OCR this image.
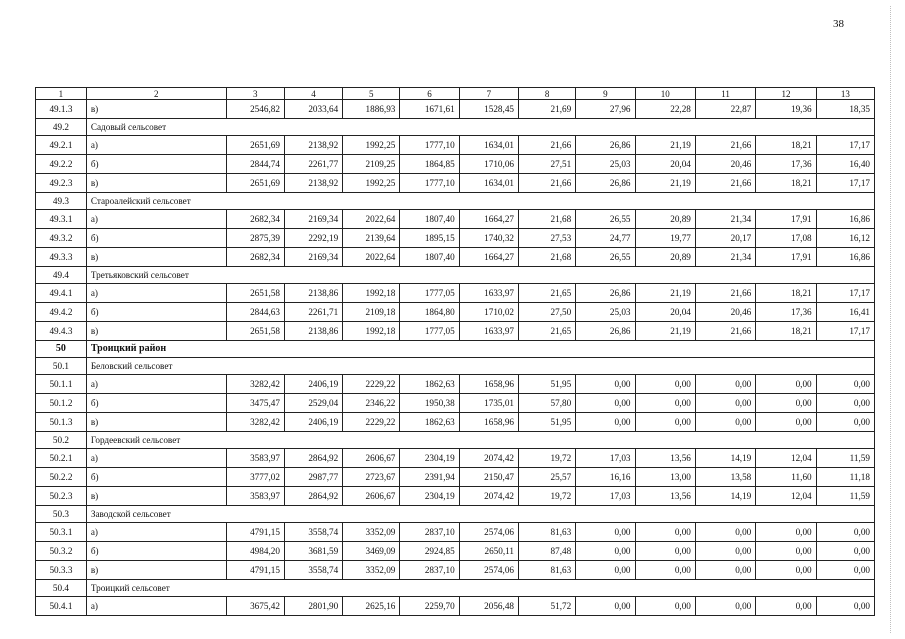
38
1	2	3	4	5	6	7	8	9	10	11	12	13
49.1.3	в)	2546,82	2033,64	1886,93	1671,61	1528,45	21,69	27,96	22,28	22,87	19,36	18,35
49.2	Садовый сельсовет											
49.2.1	а)	2651,69	2138,92	1992,25	1777,10	1634,01	21,66	26,86	21,19	21,66	18,21	17,17
49.2.2	б)	2844,74	2261,77	2109,25	1864,85	1710,06	27,51	25,03	20,04	20,46	17,36	16,40
49.2.3	в)	2651,69	2138,92	1992,25	1777,10	1634,01	21,66	26,86	21,19	21,66	18,21	17,17
49.3	Староалейский сельсовет											
49.3.1	а)	2682,34	2169,34	2022,64	1807,40	1664,27	21,68	26,55	20,89	21,34	17,91	16,86
49.3.2	б)	2875,39	2292,19	2139,64	1895,15	1740,32	27,53	24,77	19,77	20,17	17,08	16,12
49.3.3	в)	2682,34	2169,34	2022,64	1807,40	1664,27	21,68	26,55	20,89	21,34	17,91	16,86
49.4	Третьяковский сельсовет											
49.4.1	а)	2651,58	2138,86	1992,18	1777,05	1633,97	21,65	26,86	21,19	21,66	18,21	17,17
49.4.2	б)	2844,63	2261,71	2109,18	1864,80	1710,02	27,50	25,03	20,04	20,46	17,36	16,41
49.4.3	в)	2651,58	2138,86	1992,18	1777,05	1633,97	21,65	26,86	21,19	21,66	18,21	17,17
50	Троицкий район											
50.1	Беловский сельсовет											
50.1.1	а)	3282,42	2406,19	2229,22	1862,63	1658,96	51,95	0,00	0,00	0,00	0,00	0,00
50.1.2	б)	3475,47	2529,04	2346,22	1950,38	1735,01	57,80	0,00	0,00	0,00	0,00	0,00
50.1.3	в)	3282,42	2406,19	2229,22	1862,63	1658,96	51,95	0,00	0,00	0,00	0,00	0,00
50.2	Гордеевский сельсовет											
50.2.1	а)	3583,97	2864,92	2606,67	2304,19	2074,42	19,72	17,03	13,56	14,19	12,04	11,59
50.2.2	б)	3777,02	2987,77	2723,67	2391,94	2150,47	25,57	16,16	13,00	13,58	11,60	11,18
50.2.3	в)	3583,97	2864,92	2606,67	2304,19	2074,42	19,72	17,03	13,56	14,19	12,04	11,59
50.3	Заводской сельсовет											
50.3.1	а)	4791,15	3558,74	3352,09	2837,10	2574,06	81,63	0,00	0,00	0,00	0,00	0,00
50.3.2	б)	4984,20	3681,59	3469,09	2924,85	2650,11	87,48	0,00	0,00	0,00	0,00	0,00
50.3.3	в)	4791,15	3558,74	3352,09	2837,10	2574,06	81,63	0,00	0,00	0,00	0,00	0,00
50.4	Троицкий сельсовет											
50.4.1	а)	3675,42	2801,90	2625,16	2259,70	2056,48	51,72	0,00	0,00	0,00	0,00	0,00
